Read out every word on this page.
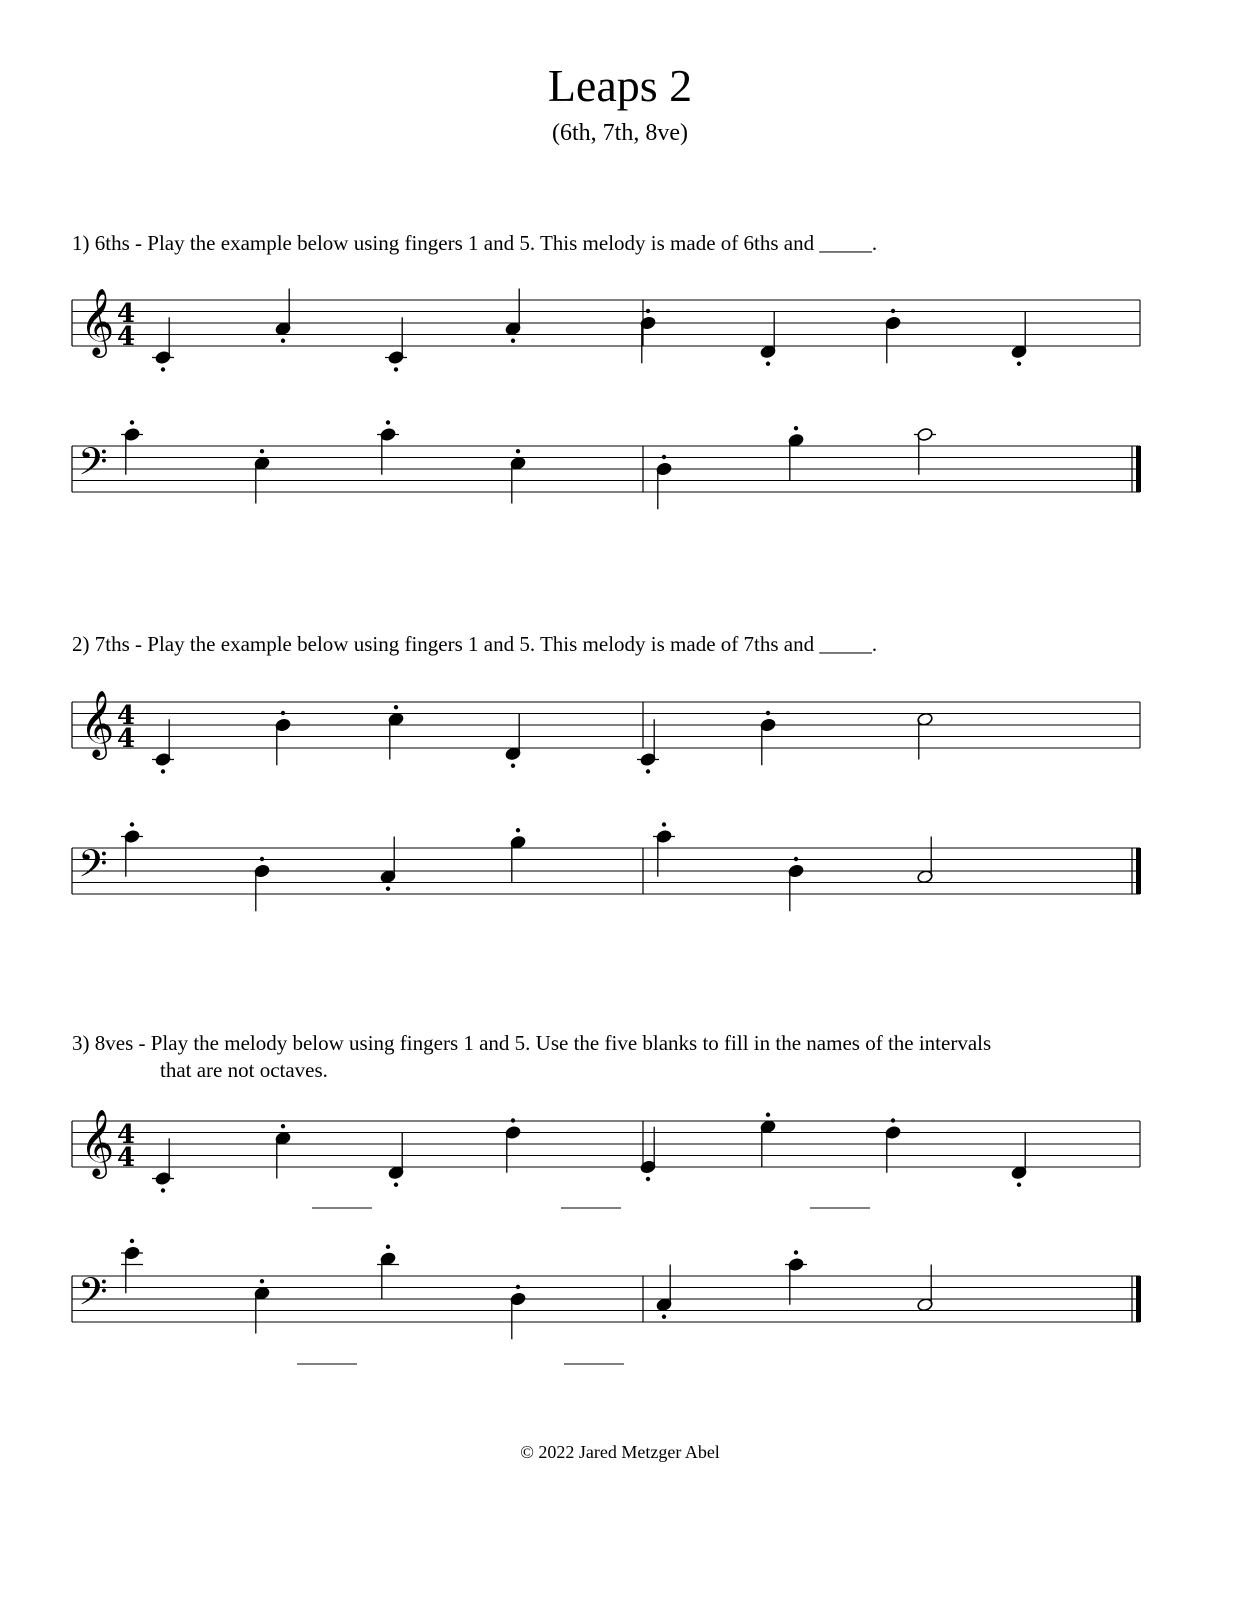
Leaps 2
(6th, 7th, 8ve)
1) 6ths - Play the example below using fingers 1 and 5. This melody is made of 6ths and _____.
2) 7ths - Play the example below using fingers 1 and 5. This melody is made of 7ths and _____.
3) 8ves - Play the melody below using fingers 1 and 5. Use the five blanks to fill in the names of the intervals
that are not octaves.
𝄞 4
4
𝄢
𝄞 4
4
𝄢
𝄞 4
4
𝄢
© 2022 Jared Metzger Abel
